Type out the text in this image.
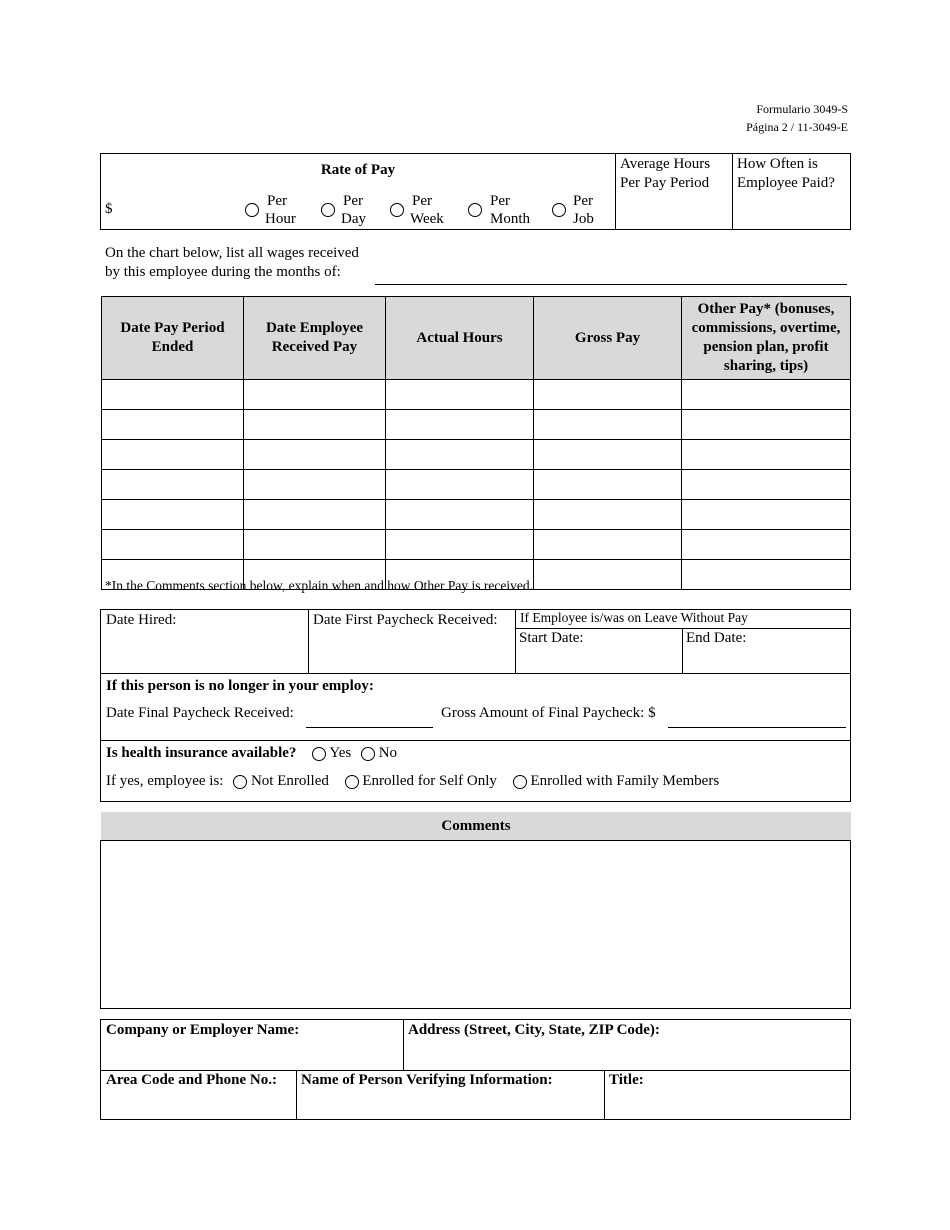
Formulario 3049-S
Página 2 / 11-3049-E
Rate of Pay
$	Per
Hour
Per
Day
Per
Week
Per
Month
Per
Job
Average Hours
Per Pay Period
How Often is
Employee Paid?
On the chart below, list all wages received
by this employee during the months of:
Date Pay Period Ended	Date Employee Received Pay	Actual Hours	Gross Pay	Other Pay* (bonuses, commissions, overtime, pension plan, profit sharing, tips)

*In the Comments section below, explain when and how Other Pay is received.
Date Hired:	Date First Paycheck Received: If Employee is/was on Leave Without Pay
Start Date:	End Date:
If this person is no longer in your employ:
Date Final Paycheck Received:	Gross Amount of Final Paycheck: $
Is health insurance available? Yes No
If yes, employee is: Not Enrolled Enrolled for Self Only Enrolled with Family Members
Comments
Company or Employer Name:	Address (Street, City, State, ZIP Code):
Area Code and Phone No.: Name of Person Verifying Information:	Title:
